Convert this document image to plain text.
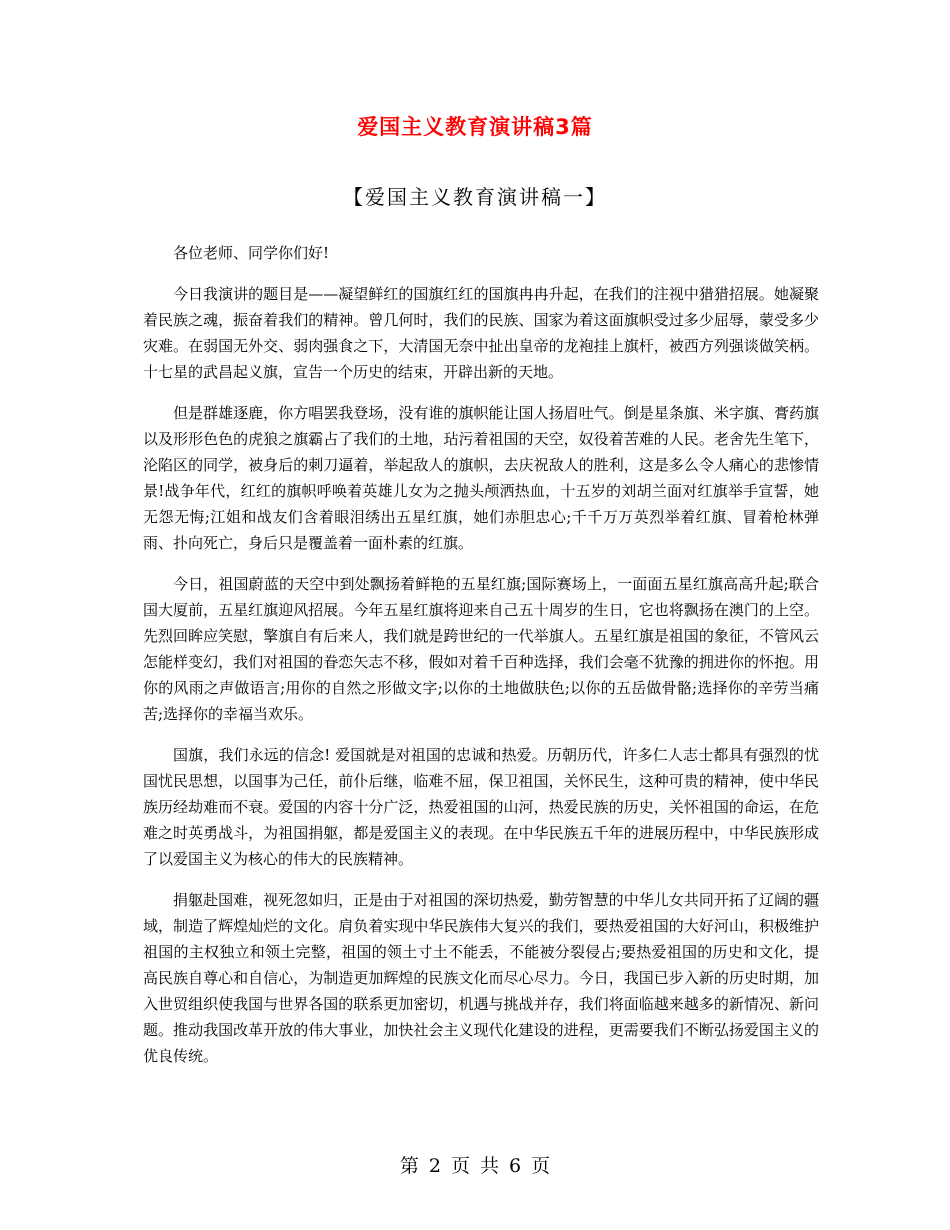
爱国主义教育演讲稿3篇
【爱国主义教育演讲稿一】

各位老师、同学你们好!

今日我演讲的题目是——凝望鲜红的国旗红红的国旗冉冉升起，在我们的注视中猎猎招展。她凝聚着民族之魂，振奋着我们的精神。曾几何时，我们的民族、国家为着这面旗帜受过多少屈辱，蒙受多少灾难。在弱国无外交、弱肉强食之下，大清国无奈中扯出皇帝的龙袍挂上旗杆，被西方列强谈做笑柄。十七星的武昌起义旗，宣告一个历史的结束，开辟出新的天地。

但是群雄逐鹿，你方唱罢我登场，没有谁的旗帜能让国人扬眉吐气。倒是星条旗、米字旗、膏药旗以及形形色色的虎狼之旗霸占了我们的土地，玷污着祖国的天空，奴役着苦难的人民。老舍先生笔下，沦陷区的同学，被身后的刺刀逼着，举起敌人的旗帜，去庆祝敌人的胜利，这是多么令人痛心的悲惨情景!战争年代，红红的旗帜呼唤着英雄儿女为之抛头颅洒热血，十五岁的刘胡兰面对红旗举手宣誓，她无怨无悔;江姐和战友们含着眼泪绣出五星红旗，她们赤胆忠心;千千万万英烈举着红旗、冒着枪林弹雨、扑向死亡，身后只是覆盖着一面朴素的红旗。

今日，祖国蔚蓝的天空中到处飘扬着鲜艳的五星红旗;国际赛场上，一面面五星红旗高高升起;联合国大厦前，五星红旗迎风招展。今年五星红旗将迎来自己五十周岁的生日，它也将飘扬在澳门的上空。先烈回眸应笑慰，擎旗自有后来人，我们就是跨世纪的一代举旗人。五星红旗是祖国的象征，不管风云怎能样变幻，我们对祖国的眷恋矢志不移，假如对着千百种选择，我们会毫不犹豫的拥进你的怀抱。用你的风雨之声做语言;用你的自然之形做文字;以你的土地做肤色;以你的五岳做骨骼;选择你的辛劳当痛苦;选择你的幸福当欢乐。

国旗，我们永远的信念! 爱国就是对祖国的忠诚和热爱。历朝历代，许多仁人志士都具有强烈的忧国忧民思想，以国事为己任，前仆后继，临难不屈，保卫祖国，关怀民生，这种可贵的精神，使中华民族历经劫难而不衰。爱国的内容十分广泛，热爱祖国的山河，热爱民族的历史，关怀祖国的命运，在危难之时英勇战斗，为祖国捐躯，都是爱国主义的表现。在中华民族五千年的进展历程中，中华民族形成了以爱国主义为核心的伟大的民族精神。

捐躯赴国难，视死忽如归，正是由于对祖国的深切热爱，勤劳智慧的中华儿女共同开拓了辽阔的疆域，制造了辉煌灿烂的文化。肩负着实现中华民族伟大复兴的我们，要热爱祖国的大好河山，积极维护祖国的主权独立和领土完整，祖国的领土寸土不能丢，不能被分裂侵占;要热爱祖国的历史和文化，提高民族自尊心和自信心，为制造更加辉煌的民族文化而尽心尽力。今日，我国已步入新的历史时期，加入世贸组织使我国与世界各国的联系更加密切，机遇与挑战并存，我们将面临越来越多的新情况、新问题。推动我国改革开放的伟大事业，加快社会主义现代化建设的进程，更需要我们不断弘扬爱国主义的优良传统。

第 2 页 共 6 页
